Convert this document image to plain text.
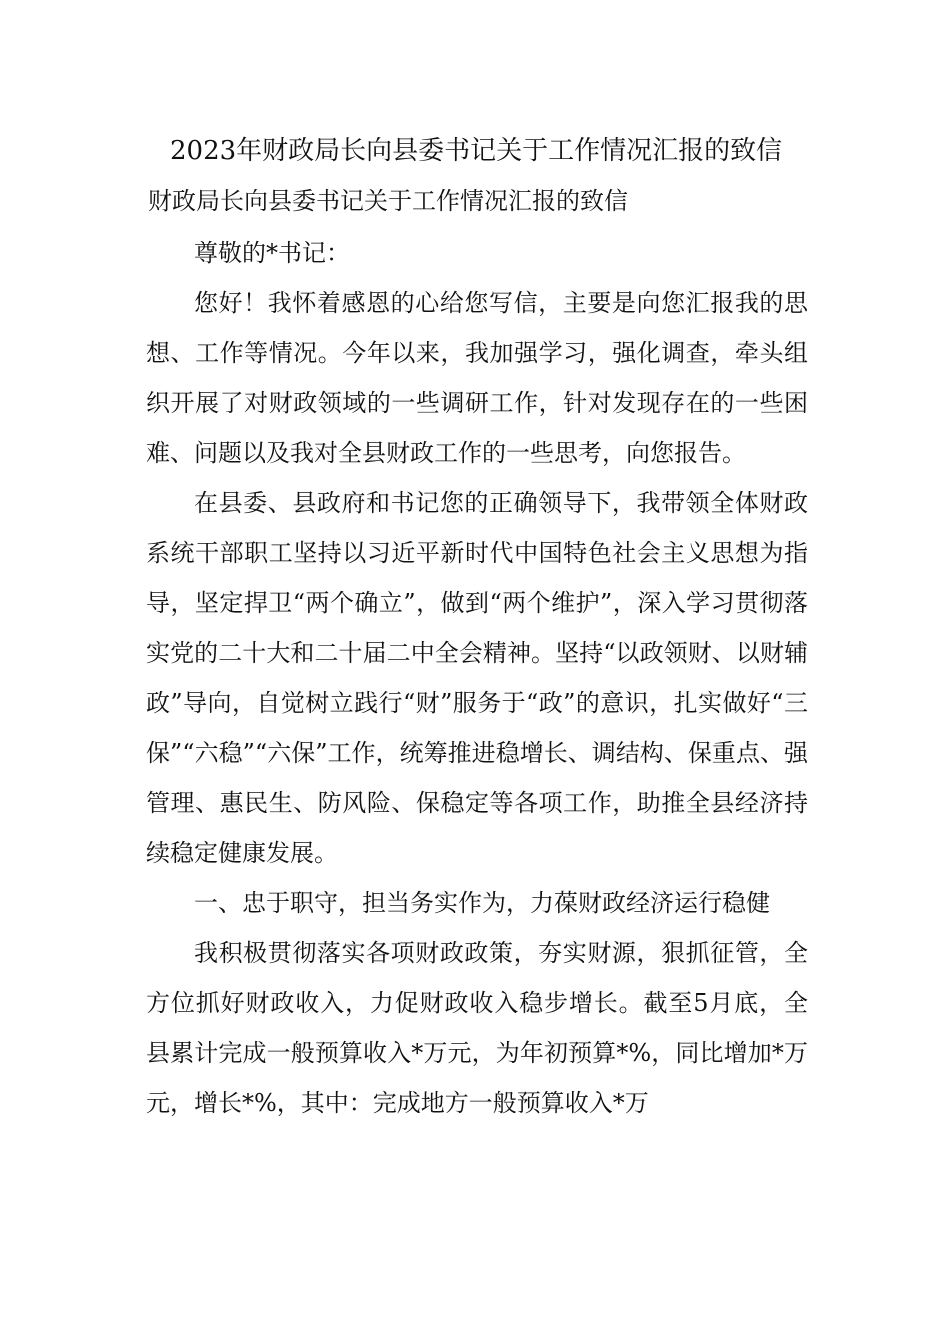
2023年财政局长向县委书记关于工作情况汇报的致信
财政局长向县委书记关于工作情况汇报的致信

尊敬的*书记：

您好！我怀着感恩的心给您写信，主要是向您汇报我的思想、工作等情况。今年以来，我加强学习，强化调查，牵头组织开展了对财政领域的一些调研工作，针对发现存在的一些困难、问题以及我对全县财政工作的一些思考，向您报告。

在县委、县政府和书记您的正确领导下，我带领全体财政系统干部职工坚持以习近平新时代中国特色社会主义思想为指导，坚定捍卫“两个确立”，做到“两个维护”，深入学习贯彻落实党的二十大和二十届二中全会精神。坚持“以政领财、以财辅政”导向，自觉树立践行“财”服务于“政”的意识，扎实做好“三保”“六稳”“六保”工作，统筹推进稳增长、调结构、保重点、强管理、惠民生、防风险、保稳定等各项工作，助推全县经济持续稳定健康发展。

一、忠于职守，担当务实作为，力葆财政经济运行稳健

我积极贯彻落实各项财政政策，夯实财源，狠抓征管，全方位抓好财政收入，力促财政收入稳步增长。截至5月底，全县累计完成一般预算收入*万元，为年初预算*%，同比增加*万元，增长*%，其中：完成地方一般预算收入*万
